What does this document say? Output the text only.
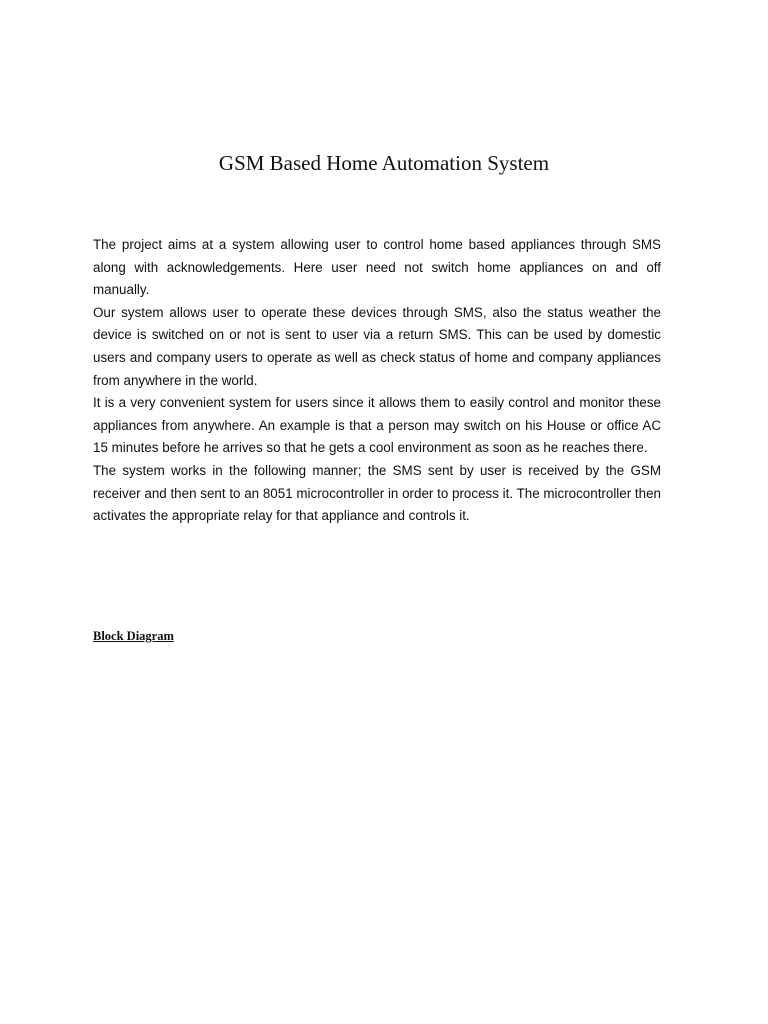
GSM Based Home Automation System

The project aims at a system allowing user to control home based appliances through SMS along with acknowledgements. Here user need not switch home appliances on and off manually.

Our system allows user to operate these devices through SMS, also the status weather the device is switched on or not is sent to user via a return SMS. This can be used by domestic users and company users to operate as well as check status of home and company appliances from anywhere in the world.

It is a very convenient system for users since it allows them to easily control and monitor these appliances from anywhere. An example is that a person may switch on his House or office AC 15 minutes before he arrives so that he gets a cool environment as soon as he reaches there.

The system works in the following manner; the SMS sent by user is received by the GSM receiver and then sent to an 8051 microcontroller in order to process it. The microcontroller then activates the appropriate relay for that appliance and controls it.

Block Diagram
